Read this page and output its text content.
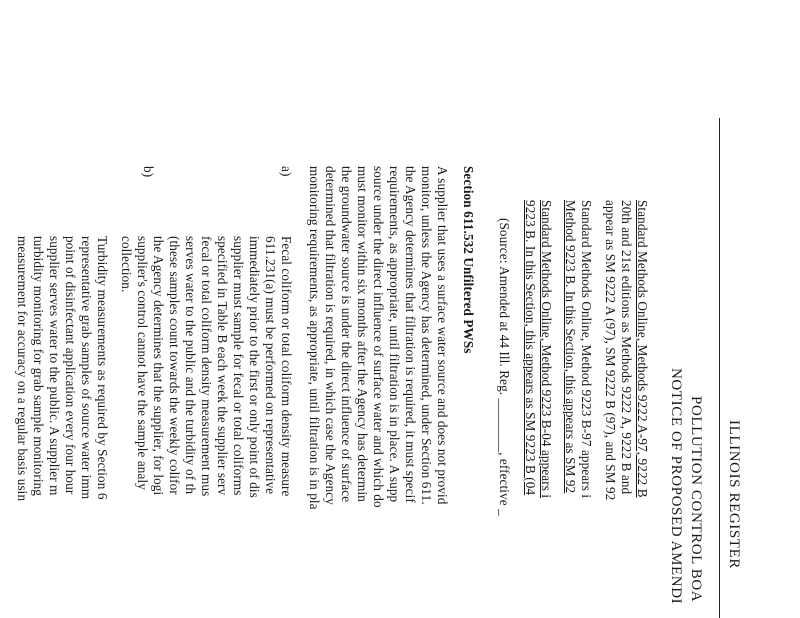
ILLINOIS REGISTER
POLLUTION CONTROL BOA
NOTICE OF PROPOSED AMENDI
Standard Methods Online, Methods 9222 A-97, 9222 B
20th and 21st editions as Methods 9222 A, 9222 B and
appear as SM 9222 A (97), SM 9222 B (97), and SM 92
Standard Methods Online, Method 9223 B-97 appears i
Method 9223 B. In this Section, this appears as SM 92
Standard Methods Online, Method 9223 B-04 appears i
9223 B. In this Section, this appears as SM 9223 B (04
(Source: Amended at 44 Ill. Reg. ________, effective _
Section 611.532 Unfiltered PWSs
A supplier that uses a surface water source and does not provid
monitor, unless the Agency has determined, under Section 611.
the Agency determines that filtration is required, it must specif
requirements, as appropriate, until filtration is in place. A supp
source under the direct influence of surface water and which do
must monitor within six months after the Agency has determin
the groundwater source is under the direct influence of surface
determined that filtration is required, in which case the Agency
monitoring requirements, as appropriate, until filtration is in pla
a)
Fecal coliform or total coliform density measure
611.231(a) must be performed on representative
immediately prior to the first or only point of dis
supplier must sample for fecal or total coliforms
specified in Table B each week the supplier serv
fecal or total coliform density measurement mus
serves water to the public and the turbidity of th
(these samples count towards the weekly colifor
the Agency determines that the supplier, for logi
supplier's control cannot have the sample analy
collection.
b)
Turbidity measurements as required by Section 6
representative grab samples of source water imm
point of disinfectant application every four hour
supplier serves water to the public. A supplier m
turbidity monitoring for grab sample monitoring
measurement for accuracy on a regular basis usin
